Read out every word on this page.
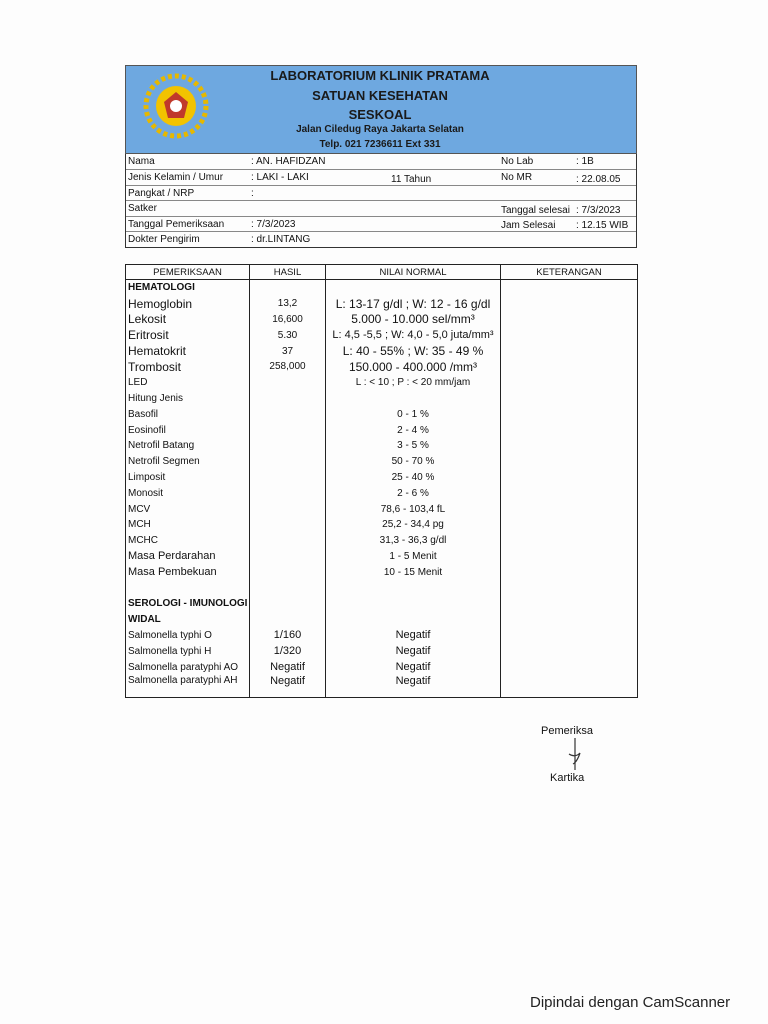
LABORATORIUM KLINIK PRATAMA
SATUAN KESEHATAN
SESKOAL
Jalan Ciledug Raya Jakarta Selatan
Telp. 021 7236611 Ext 331
Nama	: AN. HAFIDZAN	No Lab	: 1B
Jenis Kelamin / Umur	: LAKI - LAKI	11 Tahun	No MR	: 22.08.05
Pangkat / NRP	:
Satker	Tanggal selesai : 7/3/2023
Tanggal Pemeriksaan	: 7/3/2023	Jam Selesai : 12.15 WIB
Dokter Pengirim	: dr.LINTANG
PEMERIKSAAN	HASIL	NILAI NORMAL	KETERANGAN
HEMATOLOGI			
Hemoglobin	13,2	L: 13-17 g/dl ; W: 12 - 16 g/dl	
Lekosit	16,600	5.000 - 10.000 sel/mm³	
Eritrosit	5.30	L: 4,5 -5,5 ; W: 4,0 - 5,0 juta/mm³	
Hematokrit	37	L: 40 - 55% ; W: 35 - 49 %	
Trombosit	258,000	150.000 - 400.000 /mm³	
LED		L : < 10 ; P : < 20 mm/jam	
Hitung Jenis			
Basofil		0 - 1 %	
Eosinofil		2 - 4 %	
Netrofil Batang		3 - 5 %	
Netrofil Segmen		50 - 70 %	
Limposit		25 - 40 %	
Monosit		2 - 6 %	
MCV		78,6 - 103,4 fL	
MCH		25,2 - 34,4 pg	
MCHC		31,3 - 36,3 g/dl	
Masa Perdarahan		1 - 5 Menit	
Masa Pembekuan		10 - 15 Menit	

SEROLOGI - IMUNOLOGI			
WIDAL			
Salmonella typhi O	1/160	Negatif	
Salmonella typhi H	1/320	Negatif	
Salmonella paratyphi AO	Negatif	Negatif	
Salmonella paratyphi AH	Negatif	Negatif	
Pemeriksa
Kartika
Dipindai dengan CamScanner
